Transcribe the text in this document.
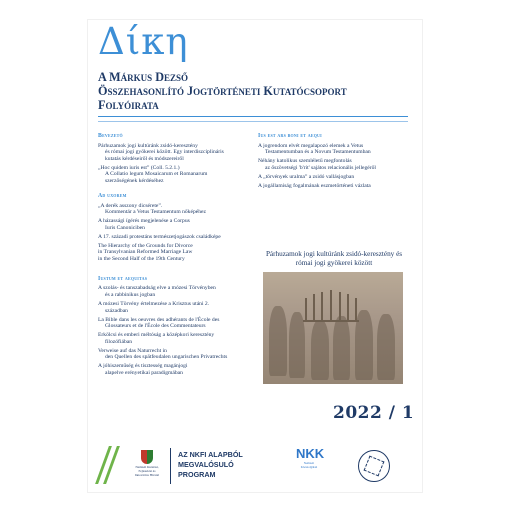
Δίκη
A Márkus Dezső
Összehasonlító Jogtörténeti Kutatócsoport
Folyóirata
Bevezető
Párhuzamok jogi kultúránk zsidó-keresztény
és római jogi gyökerei között. Egy interdiszciplináris
kutatás kérdéseiről és módszereiről
„Hoc quidem iuris est” (Coll. 5.2.1.)
A Collatio legum Mosaicarum et Romanarum
szerzőségének kérdéséhez
Ad uxorem
„A derék asszony dicsérete”.
Kommentár a Vetus Testamentum nőképéhez
A házassági ígérés megjelenése a Corpus
Iuris Canoniciben
A 17. századi protestáns természetjogászok családképe
The Hierarchy of the Grounds for Divorce
in Transylvanian Reformed Marriage Law
in the Second Half of the 19th Century
Iustum et aequitas
A szolás- és tanszabadság elve a mózesi Törvényben
és a rabbinikus jogban
A mózesi Törvény értelmezése a Krisztus utáni 2.
században
La Bible dans les oeuvres des adhérants de l'École des
Glossateurs et de l'École des Commentateurs
Erkölcsi és emberi méltóság a középkori keresztény
filozófiában
Verweise auf das Naturrecht in
den Quellen des spätfeudalen ungarischen Privatrechts
A jóhiszeműség és tisztesség magánjogi
alapelve erényetikai paradigmában
Ius est ars boni et aequi
A jogrendom elvét megalapozó elemek a Vetus
Testamentumban és a Novum Testamentumban
Néhány katolikus szemléletű megfontolás
az őszövetségi 'b'rit' sajátos relacionális jellegéről
A „törvények uralma” a zsidó vallásjogban
A jogállamiság fogalmának eszmetörténeti vázlata
Párhuzamok jogi kultúránk zsidó-keresztény és római jogi gyökerei között
2022 / 1
Nemzeti Kutatási, Fejlesztési és Innovációs Hivatal
AZ NKFI ALAPBÓL
MEGVALÓSULÓ
PROGRAM
NKK
Nemzeti Közszolgálati
